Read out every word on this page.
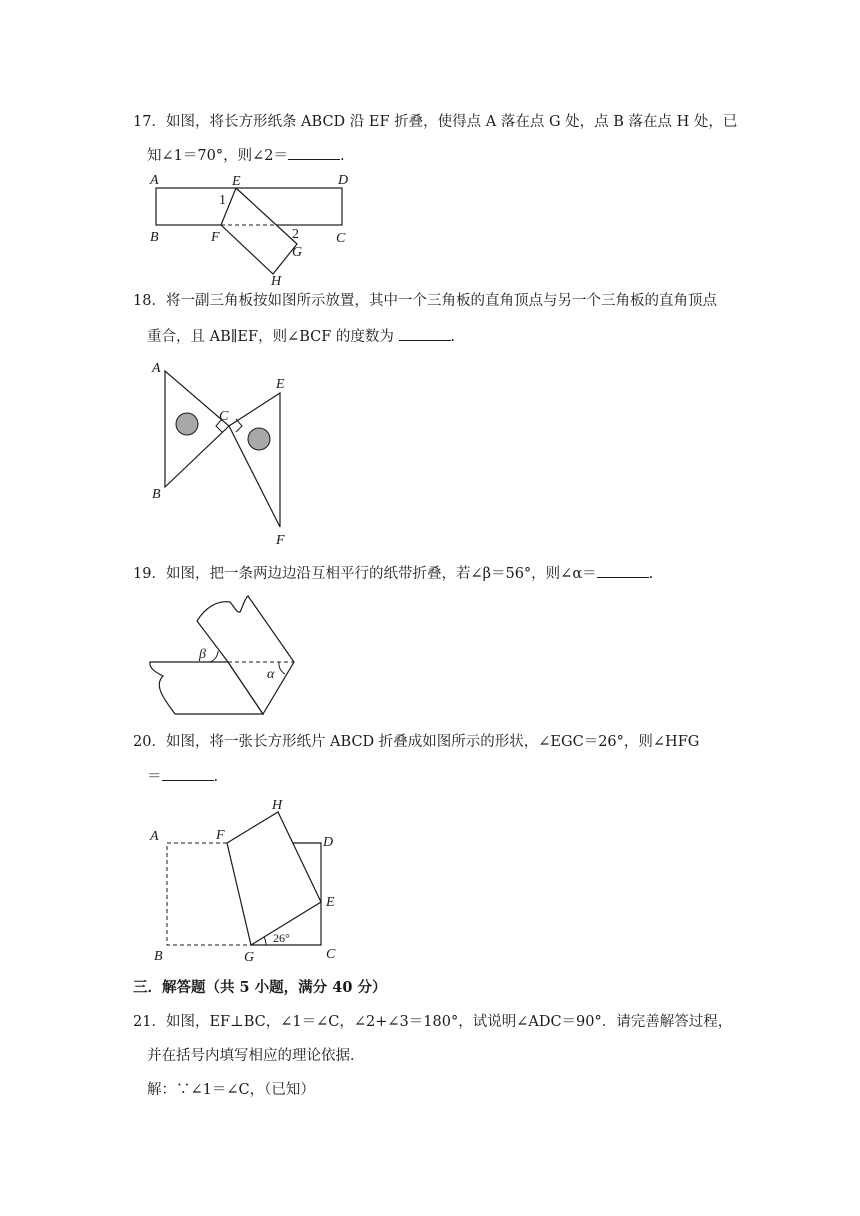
17．如图，将长方形纸条 ABCD 沿 EF 折叠，使得点 A 落在点 G 处，点 B 落在点 H 处，已
知∠1＝70°，则∠2＝	.
A	E	D
1
B	F	2	C
G
H
18．将一副三角板按如图所示放置，其中一个三角板的直角顶点与另一个三角板的直角顶点
重合，且 AB∥EF，则∠BCF 的度数为	.
A
B
C
E
F
19．如图，把一条两边边沿互相平行的纸带折叠，若∠β＝56°，则∠α＝	.
β
α
20．如图，将一张长方形纸片 ABCD 折叠成如图所示的形状，∠EGC＝26°，则∠HFG
＝	.
A	F
H
D
E
B	G	C
26°
三．解答题（共 5 小题，满分 40 分）
21．如图，EF⊥BC，∠1＝∠C，∠2+∠3＝180°，试说明∠ADC＝90°．请完善解答过程，
并在括号内填写相应的理论依据．
解：∵∠1＝∠C，（已知）
